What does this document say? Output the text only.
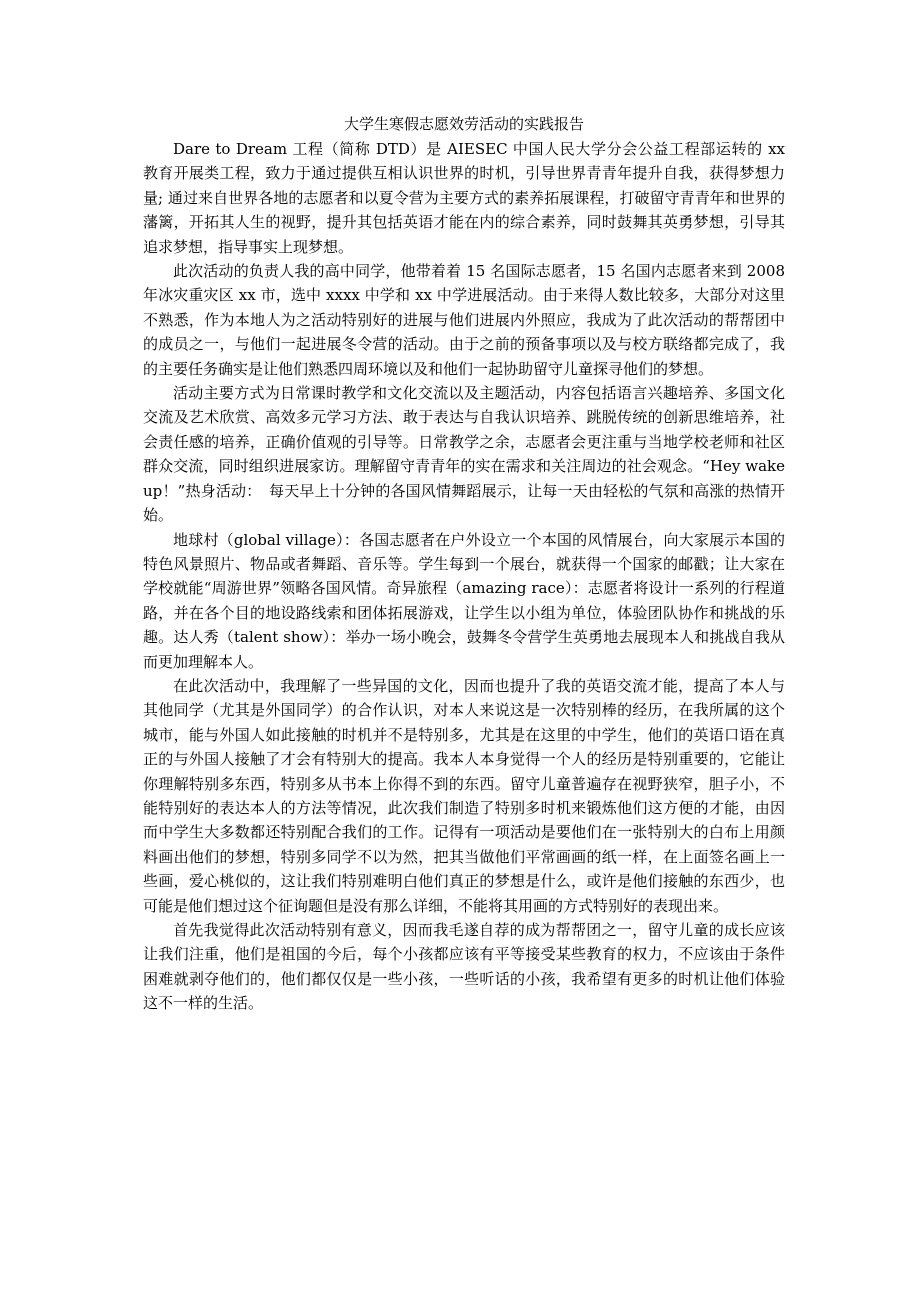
大学生寒假志愿效劳活动的实践报告

Dare to Dream 工程（简称 DTD）是 AIESEC 中国人民大学分会公益工程部运转的 xx 教育开展类工程，致力于通过提供互相认识世界的时机，引导世界青青年提升自我，获得梦想力量; 通过来自世界各地的志愿者和以夏令营为主要方式的素养拓展课程，打破留守青青年和世界的藩篱，开拓其人生的视野，提升其包括英语才能在内的综合素养，同时鼓舞其英勇梦想，引导其追求梦想，指导事实上现梦想。

此次活动的负责人我的高中同学，他带着着 15 名国际志愿者，15 名国内志愿者来到 2008 年冰灾重灾区 xx 市，选中 xxxx 中学和 xx 中学进展活动。由于来得人数比较多，大部分对这里不熟悉，作为本地人为之活动特别好的进展与他们进展内外照应，我成为了此次活动的帮帮团中的成员之一，与他们一起进展冬令营的活动。由于之前的预备事项以及与校方联络都完成了，我的主要任务确实是让他们熟悉四周环境以及和他们一起协助留守儿童探寻他们的梦想。

活动主要方式为日常课时教学和文化交流以及主题活动，内容包括语言兴趣培养、多国文化交流及艺术欣赏、高效多元学习方法、敢于表达与自我认识培养、跳脱传统的创新思维培养，社会责任感的培养，正确价值观的引导等。日常教学之余，志愿者会更注重与当地学校老师和社区群众交流，同时组织进展家访。理解留守青青年的实在需求和关注周边的社会观念。“Hey wake up！”热身活动：　每天早上十分钟的各国风情舞蹈展示，让每一天由轻松的气氛和高涨的热情开始。

地球村（global village）：各国志愿者在户外设立一个本国的风情展台，向大家展示本国的特色风景照片、物品或者舞蹈、音乐等。学生每到一个展台，就获得一个国家的邮戳；让大家在学校就能“周游世界”领略各国风情。奇异旅程（amazing race）：志愿者将设计一系列的行程道路，并在各个目的地设路线索和团体拓展游戏，让学生以小组为单位，体验团队协作和挑战的乐趣。达人秀（talent show）：举办一场小晚会，鼓舞冬令营学生英勇地去展现本人和挑战自我从而更加理解本人。

在此次活动中，我理解了一些异国的文化，因而也提升了我的英语交流才能，提高了本人与其他同学（尤其是外国同学）的合作认识，对本人来说这是一次特别棒的经历，在我所属的这个城市，能与外国人如此接触的时机并不是特别多，尤其是在这里的中学生，他们的英语口语在真正的与外国人接触了才会有特别大的提高。我本人本身觉得一个人的经历是特别重要的，它能让你理解特别多东西，特别多从书本上你得不到的东西。留守儿童普遍存在视野狭窄，胆子小，不能特别好的表达本人的方法等情况，此次我们制造了特别多时机来锻炼他们这方便的才能，由因而中学生大多数都还特别配合我们的工作。记得有一项活动是要他们在一张特别大的白布上用颜料画出他们的梦想，特别多同学不以为然，把其当做他们平常画画的纸一样，在上面签名画上一些画，爱心桃似的，这让我们特别难明白他们真正的梦想是什么，或许是他们接触的东西少，也可能是他们想过这个征询题但是没有那么详细，不能将其用画的方式特别好的表现出来。

首先我觉得此次活动特别有意义，因而我毛遂自荐的成为帮帮团之一，留守儿童的成长应该让我们注重，他们是祖国的今后，每个小孩都应该有平等接受某些教育的权力，不应该由于条件困难就剥夺他们的，他们都仅仅是一些小孩，一些听话的小孩，我希望有更多的时机让他们体验这不一样的生活。
